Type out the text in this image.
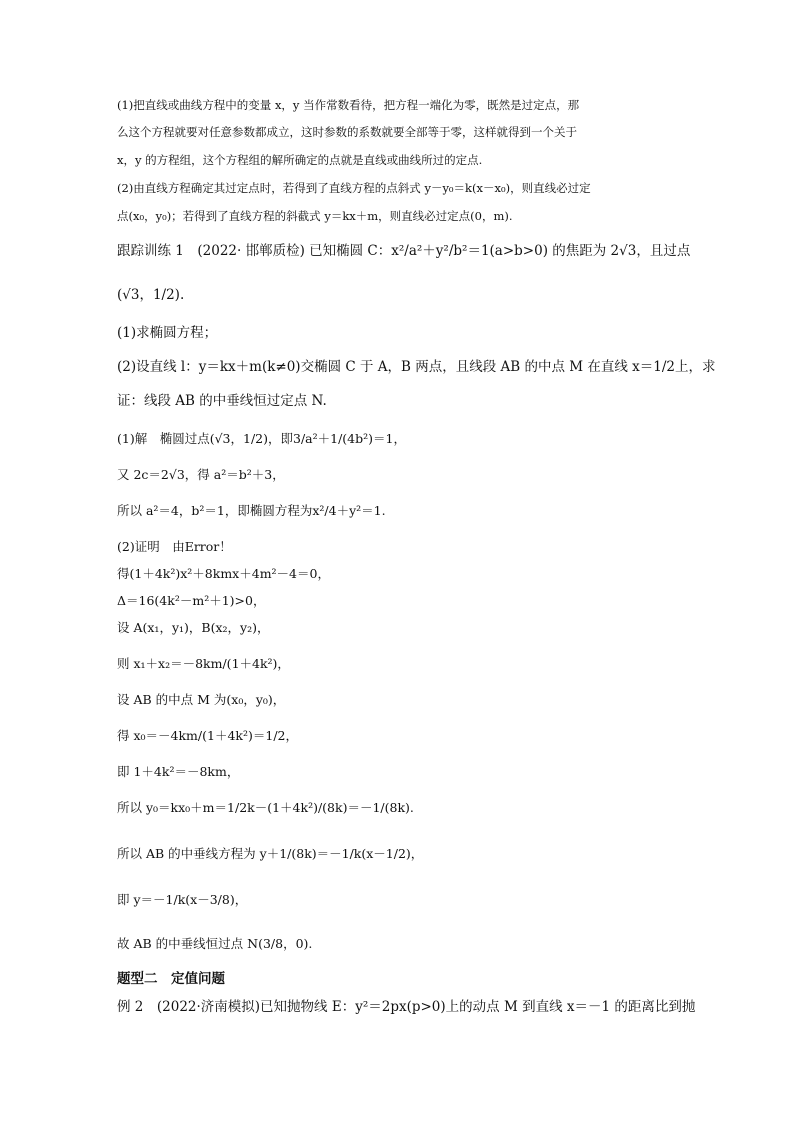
(1)把直线或曲线方程中的变量 x，y 当作常数看待，把方程一端化为零，既然是过定点，那
么这个方程就要对任意参数都成立，这时参数的系数就要全部等于零，这样就得到一个关于
x，y 的方程组，这个方程组的解所确定的点就是直线或曲线所过的定点.
(2)由直线方程确定其过定点时，若得到了直线方程的点斜式 y－y₀＝k(x－x₀)，则直线必过定
点(x₀，y₀)；若得到了直线方程的斜截式 y＝kx＋m，则直线必过定点(0，m).
跟踪训练 1　(2022· 邯郸质检) 已知椭圆 C：x²/a²＋y²/b²＝1(a>b>0) 的焦距为 2√3，且过点
(√3，1/2).
(1)求椭圆方程；
(2)设直线 l：y＝kx＋m(k≠0)交椭圆 C 于 A，B 两点，且线段 AB 的中点 M 在直线 x＝1/2上，求
证：线段 AB 的中垂线恒过定点 N.
(1)解　椭圆过点(√3，1/2)，即3/a²＋1/(4b²)＝1，
又 2c＝2√3，得 a²＝b²＋3，
所以 a²＝4，b²＝1，即椭圆方程为x²/4＋y²＝1.
(2)证明　由Error！
得(1＋4k²)x²＋8kmx＋4m²－4＝0，
Δ＝16(4k²－m²＋1)>0，
设 A(x₁，y₁)，B(x₂，y₂)，
则 x₁＋x₂＝－8km/(1＋4k²)，
设 AB 的中点 M 为(x₀，y₀)，
得 x₀＝－4km/(1＋4k²)＝1/2，
即 1＋4k²＝－8km，
所以 y₀＝kx₀＋m＝1/2k－(1＋4k²)/(8k)＝－1/(8k).
所以 AB 的中垂线方程为 y＋1/(8k)＝－1/k(x－1/2)，
即 y＝－1/k(x－3/8)，
故 AB 的中垂线恒过点 N(3/8，0).
题型二　定值问题
例 2　(2022·济南模拟)已知抛物线 E：y²＝2px(p>0)上的动点 M 到直线 x＝－1 的距离比到抛
